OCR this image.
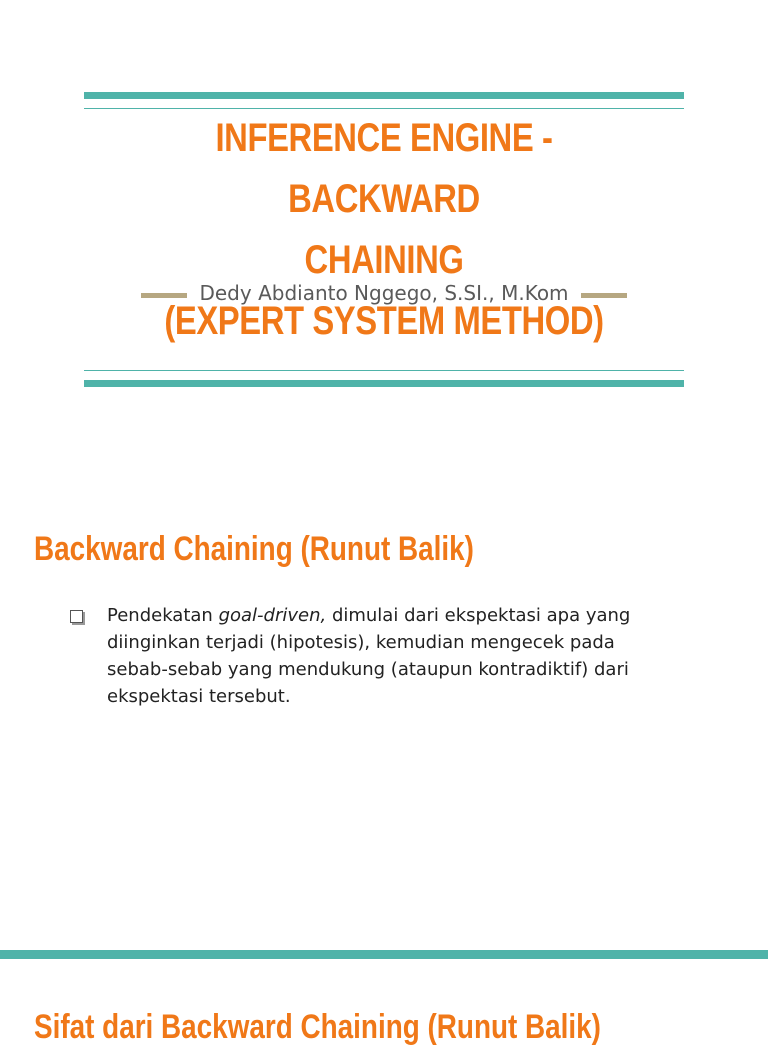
INFERENCE ENGINE - BACKWARD
CHAINING
(EXPERT SYSTEM METHOD)
Dedy Abdianto Nggego, S.SI., M.Kom
Backward Chaining (Runut Balik)
Pendekatan goal-driven, dimulai dari ekspektasi apa yang diinginkan terjadi (hipotesis), kemudian mengecek pada sebab-sebab yang mendukung (ataupun kontradiktif) dari ekspektasi tersebut.
Sifat dari Backward Chaining (Runut Balik)
